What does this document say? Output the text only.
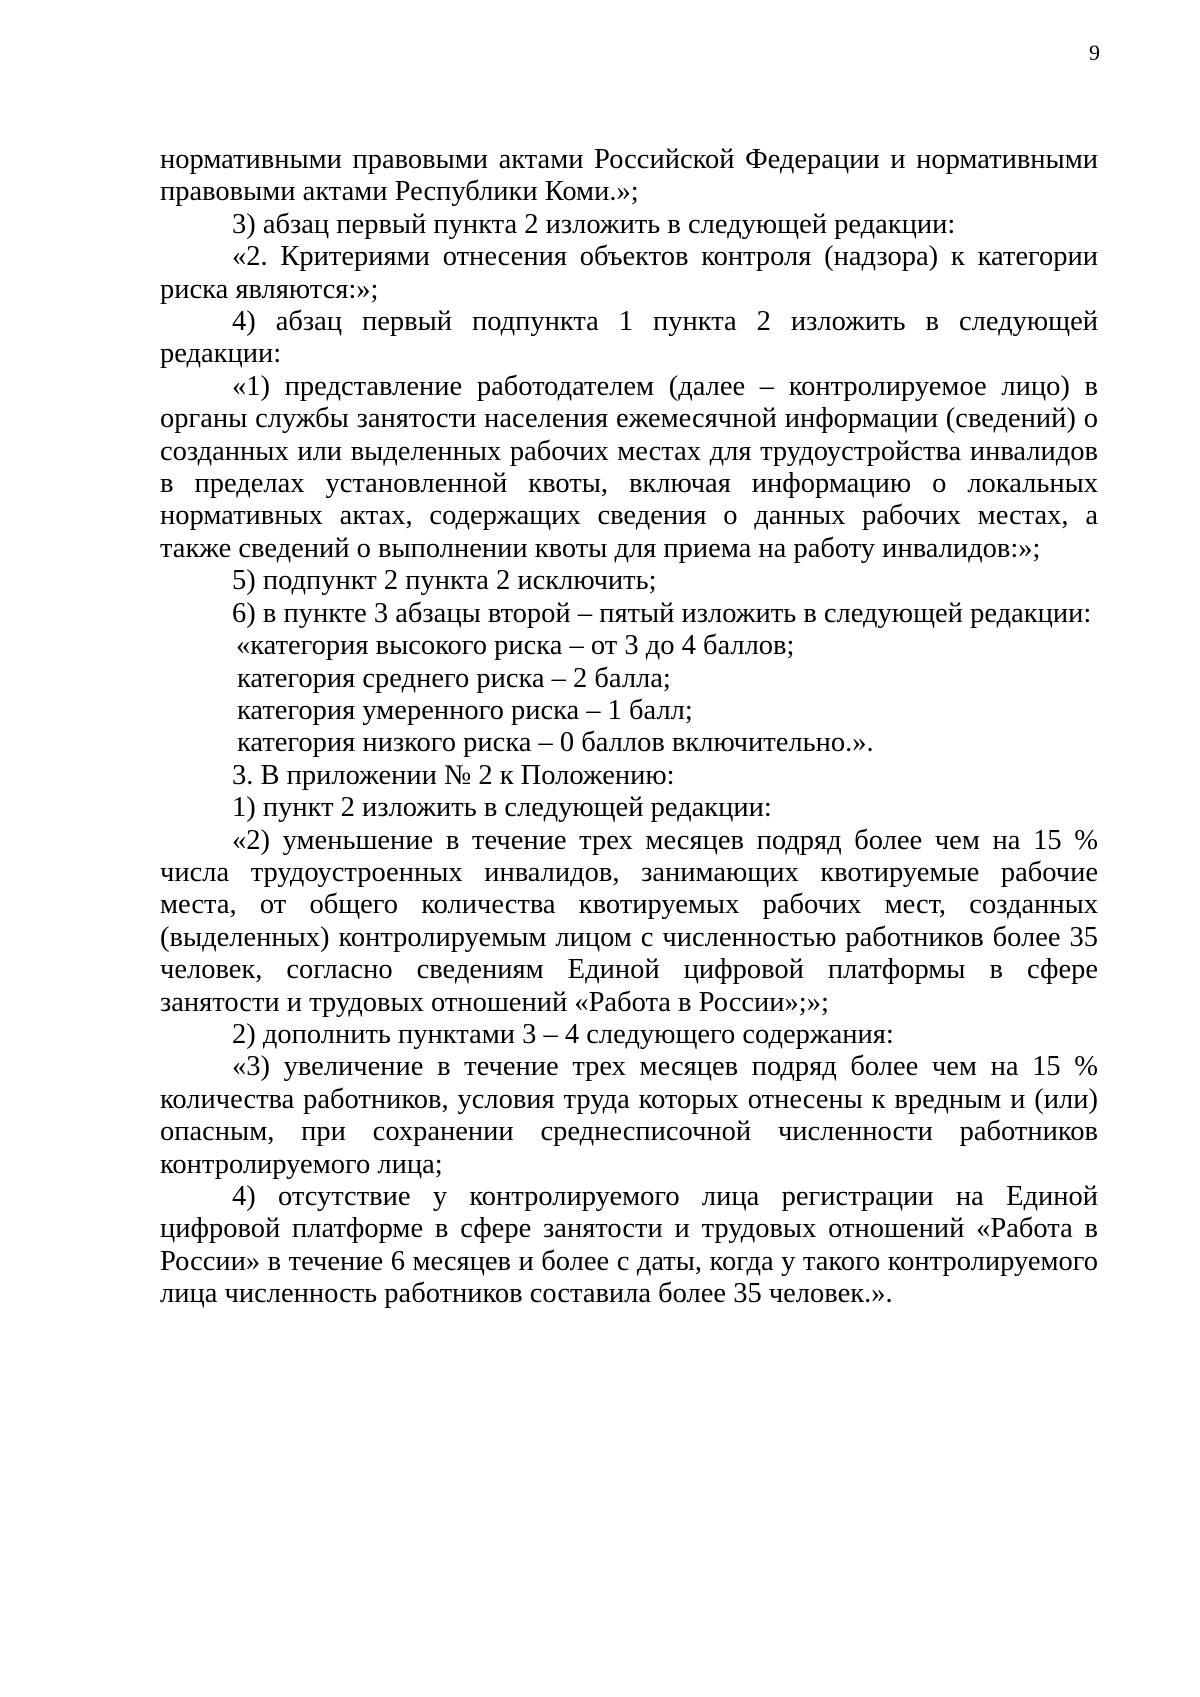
9

нормативными правовыми актами Российской Федерации и нормативными правовыми актами Республики Коми.»;

3) абзац первый пункта 2 изложить в следующей редакции:

«2. Критериями отнесения объектов контроля (надзора) к категории риска являются:»;

4) абзац первый подпункта 1 пункта 2 изложить в следующей редакции:

«1) представление работодателем (далее – контролируемое лицо) в органы службы занятости населения ежемесячной информации (сведений) о созданных или выделенных рабочих местах для трудоустройства инвалидов в пределах установленной квоты, включая информацию о локальных нормативных актах, содержащих сведения о данных рабочих местах, а также сведений о выполнении квоты для приема на работу инвалидов:»;

5) подпункт 2 пункта 2 исключить;

6) в пункте 3 абзацы второй – пятый изложить в следующей редакции:

«категория высокого риска – от 3 до 4 баллов;

категория среднего риска – 2 балла;

категория умеренного риска – 1 балл;

категория низкого риска – 0 баллов включительно.».

3. В приложении № 2 к Положению:

1) пункт 2 изложить в следующей редакции:

«2) уменьшение в течение трех месяцев подряд более чем на 15 % числа трудоустроенных инвалидов, занимающих квотируемые рабочие места, от общего количества квотируемых рабочих мест, созданных (выделенных) контролируемым лицом с численностью работников более 35 человек, согласно сведениям Единой цифровой платформы в сфере занятости и трудовых отношений «Работа в России»;»;

2) дополнить пунктами 3 – 4 следующего содержания:

«3) увеличение в течение трех месяцев подряд более чем на 15 % количества работников, условия труда которых отнесены к вредным и (или) опасным, при сохранении среднесписочной численности работников контролируемого лица;

4) отсутствие у контролируемого лица регистрации на Единой цифровой платформе в сфере занятости и трудовых отношений «Работа в России» в течение 6 месяцев и более с даты, когда у такого контролируемого лица численность работников составила более 35 человек.».
